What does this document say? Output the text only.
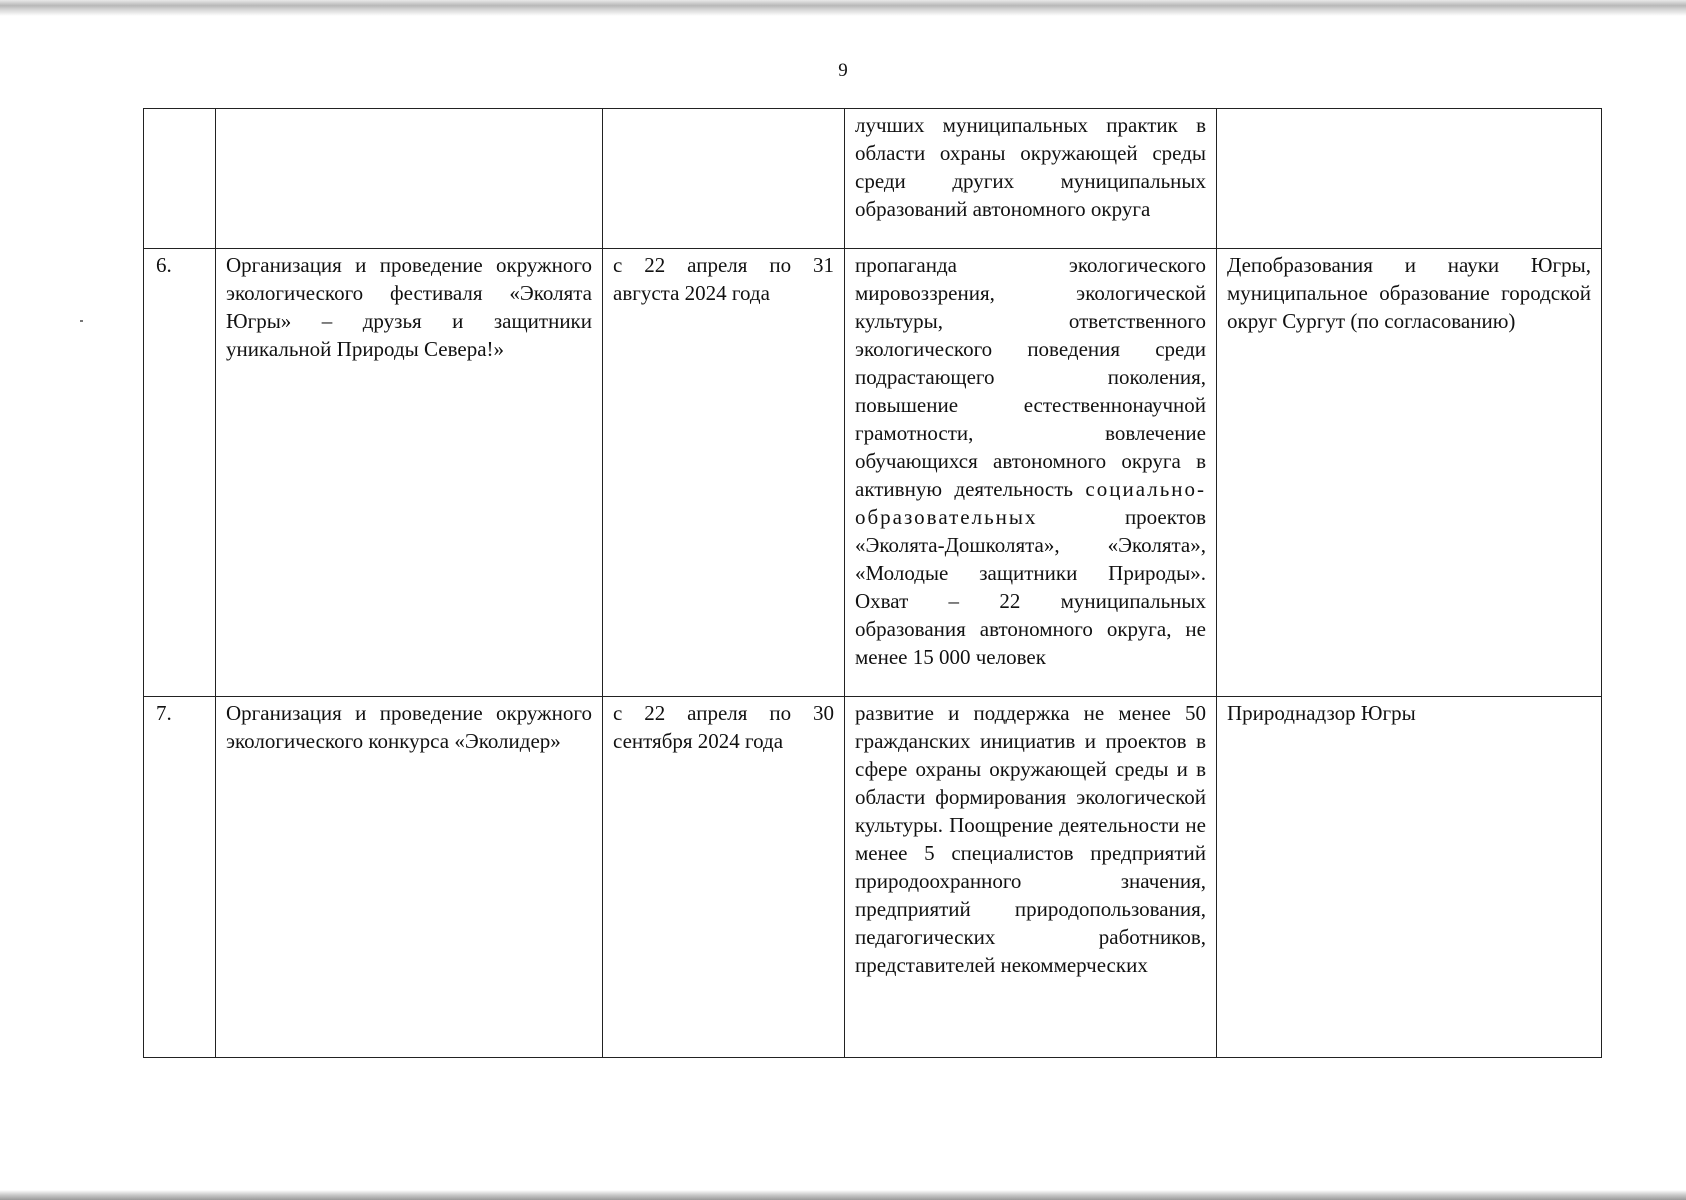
9
			лучших муниципальных практик в области охраны окружающей среды среди других муниципальных образований автономного округа	
6.	Организация и проведение окружного экологического фестиваля «Эколята Югры» – друзья и защитники уникальной Природы Севера!»	с 22 апреля по 31 августа 2024 года	пропаганда экологического мировоззрения, экологической культуры, ответственного экологического поведения среди подрастающего поколения, повышение естественнонаучной грамотности, вовлечение обучающихся автономного округа в активную деятельность социально-образовательных проектов «Эколята-Дошколята», «Эколята», «Молодые защитники Природы». Охват – 22 муниципальных образования автономного округа, не менее 15 000 человек	Депобразования и науки Югры, муниципальное образование городской округ Сургут (по согласованию)
7.	Организация и проведение окружного экологического конкурса «Эколидер»	с 22 апреля по 30 сентября 2024 года	развитие и поддержка не менее 50 гражданских инициатив и проектов в сфере охраны окружающей среды и в области формирования экологической культуры. Поощрение деятельности не менее 5 специалистов предприятий природоохранного значения, предприятий природопользования, педагогических работников, представителей некоммерческих	Природнадзор Югры
